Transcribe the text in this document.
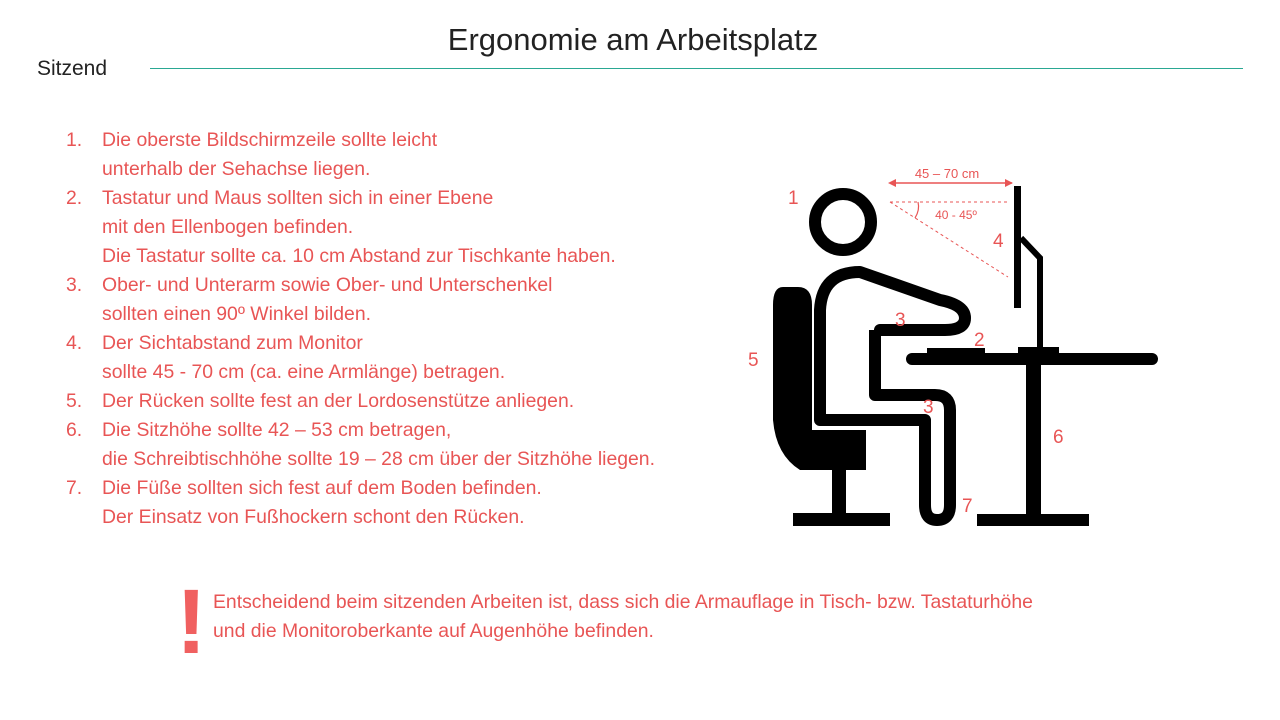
Ergonomie am Arbeitsplatz
Sitzend
1. Die oberste Bildschirmzeile sollte leicht
unterhalb der Sehachse liegen.
2. Tastatur und Maus sollten sich in einer Ebene
mit den Ellenbogen befinden.
Die Tastatur sollte ca. 10 cm Abstand zur Tischkante haben.
3. Ober- und Unterarm sowie Ober- und Unterschenkel
sollten einen 90º Winkel bilden.
4. Der Sichtabstand zum Monitor
sollte 45 - 70 cm (ca. eine Armlänge) betragen.
5. Der Rücken sollte fest an der Lordosenstütze anliegen.
6. Die Sitzhöhe sollte 42 – 53 cm betragen,
die Schreibtischhöhe sollte 19 – 28 cm über der Sitzhöhe liegen.
7. Die Füße sollten sich fest auf dem Boden befinden.
Der Einsatz von Fußhockern schont den Rücken.
45 – 70 cm
40 - 45º
1
4
3
2
5
3
6
7
! Entscheidend beim sitzenden Arbeiten ist, dass sich die Armauflage in Tisch- bzw. Tastaturhöhe
und die Monitoroberkante auf Augenhöhe befinden.
